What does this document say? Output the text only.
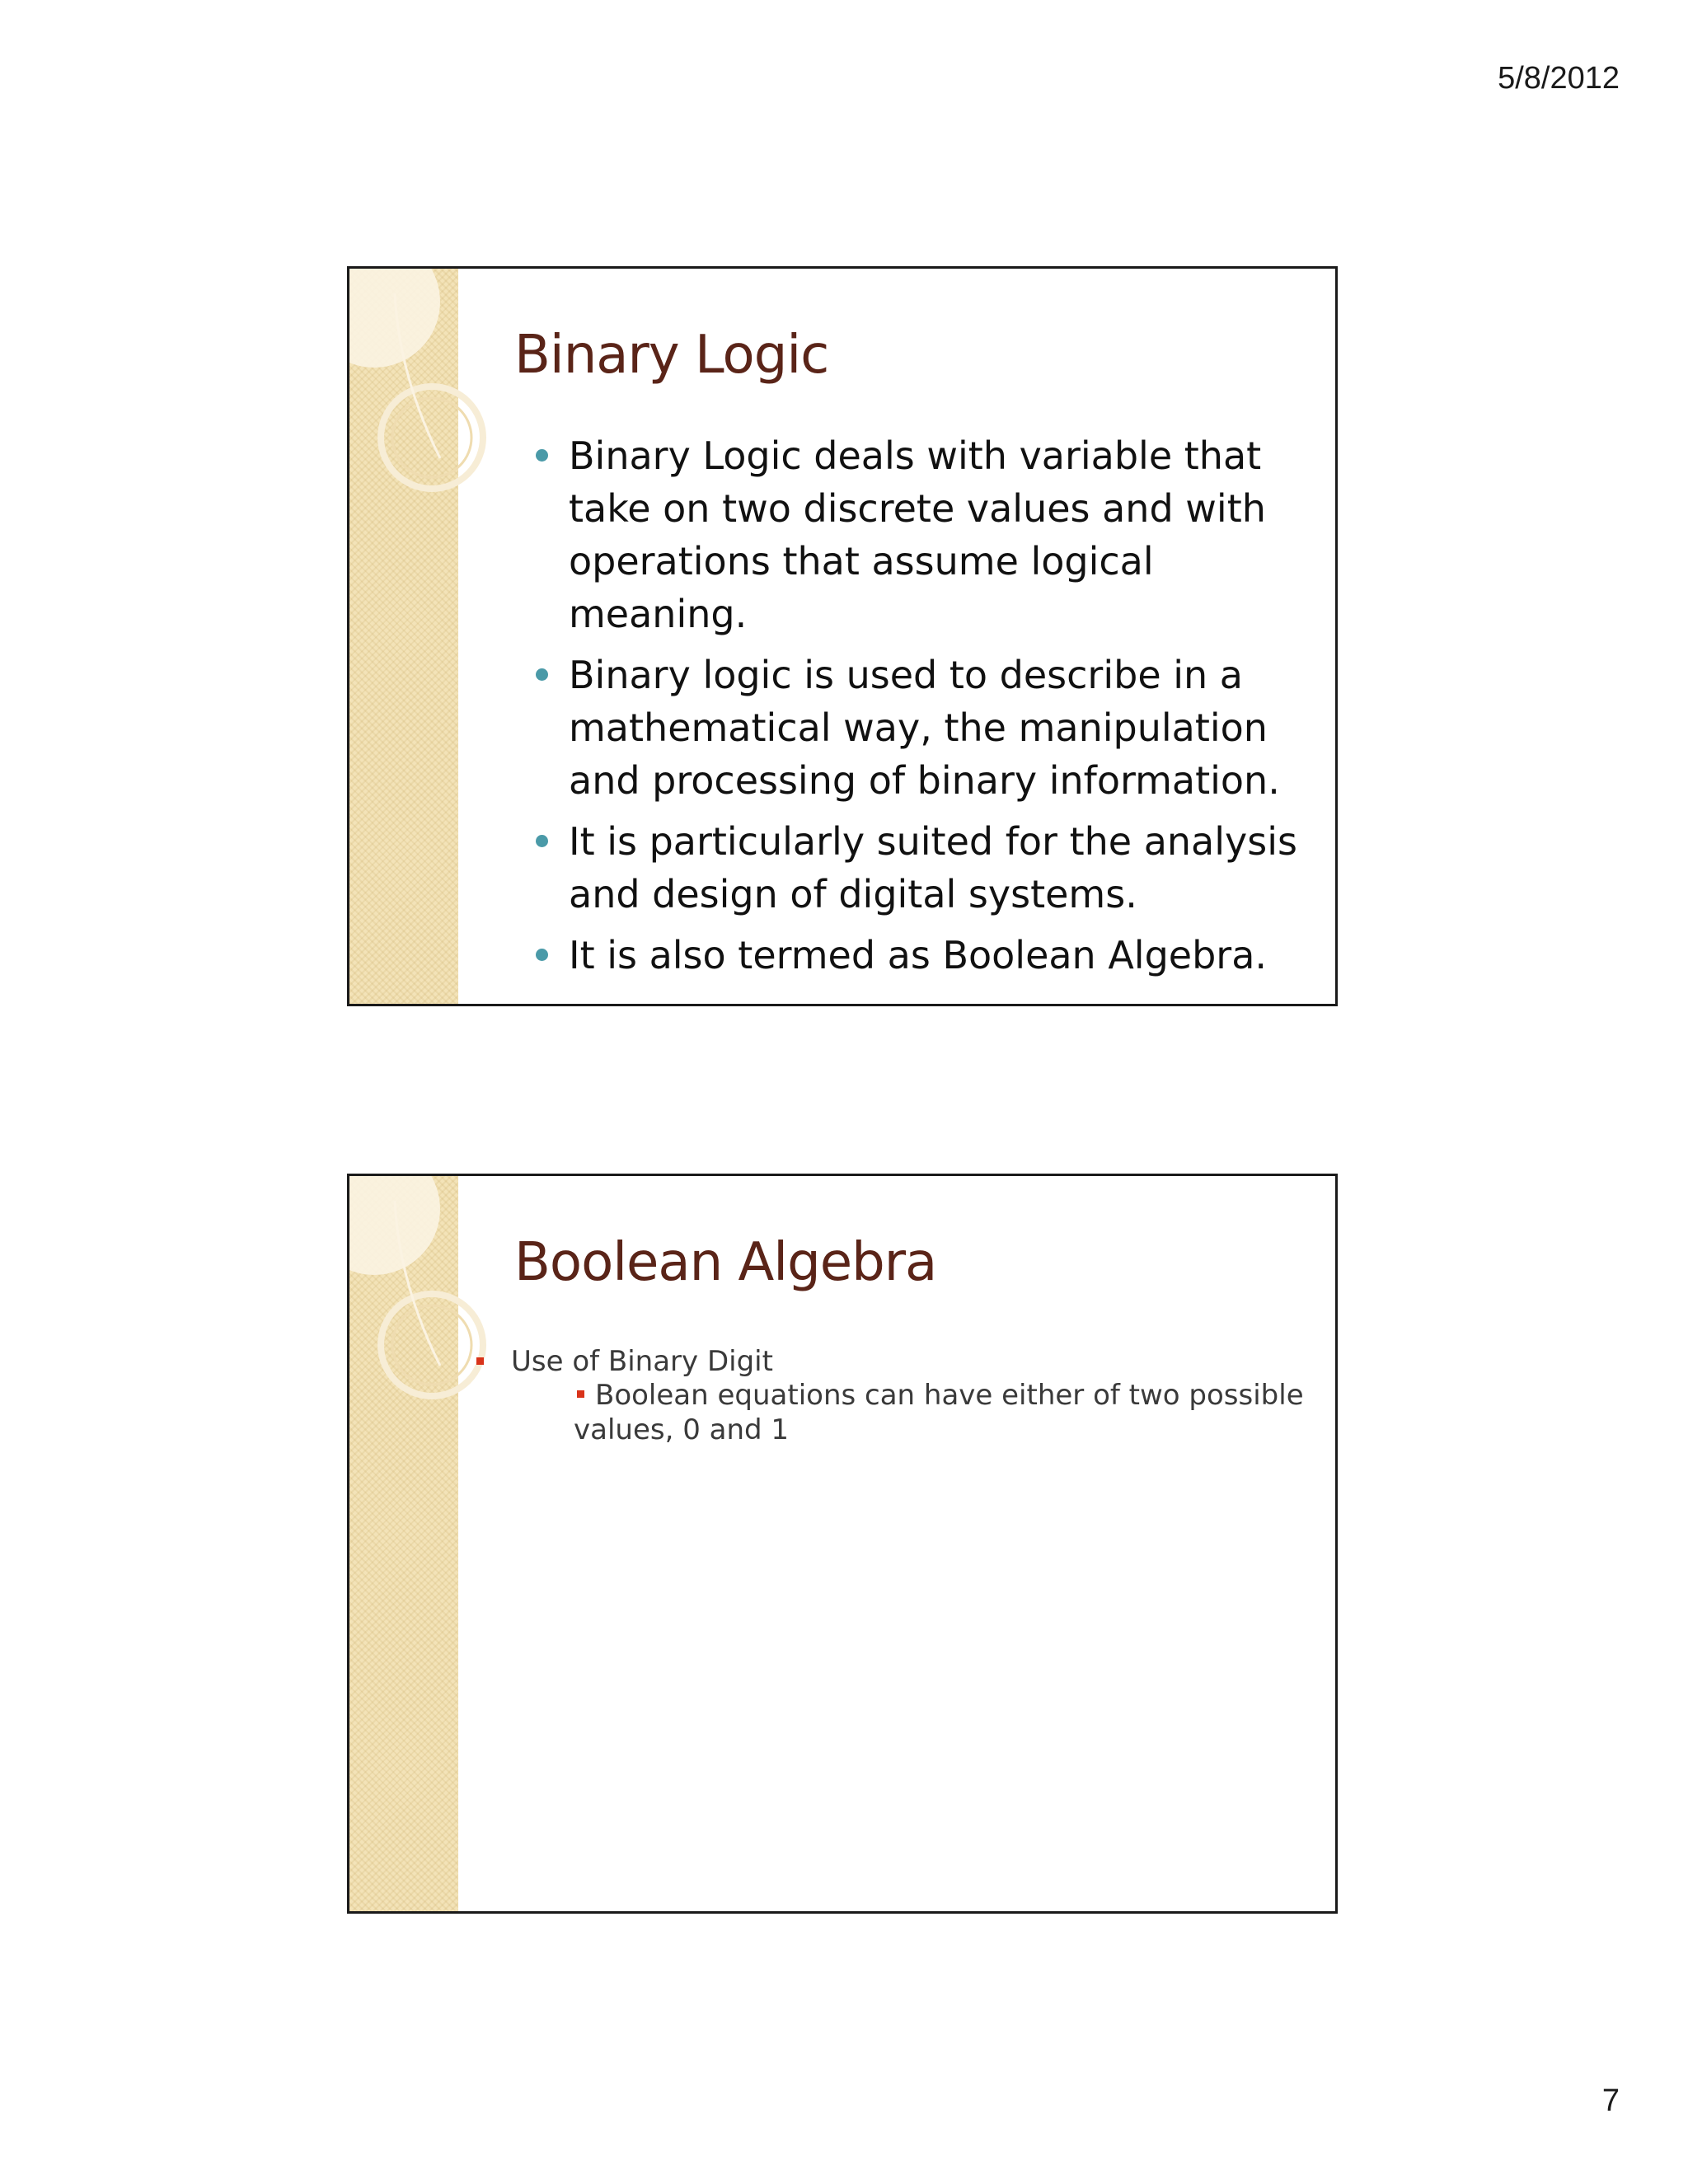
5/8/2012
Binary Logic
Binary Logic deals with variable that take on two discrete values and with operations that assume logical meaning.
Binary logic is used to describe in a mathematical way, the manipulation and processing of binary information.
It is particularly suited for the analysis and design of digital systems.
It is also termed as Boolean Algebra.
Boolean Algebra
Use of Binary Digit
Boolean equations can have either of two possible values, 0 and 1
7
